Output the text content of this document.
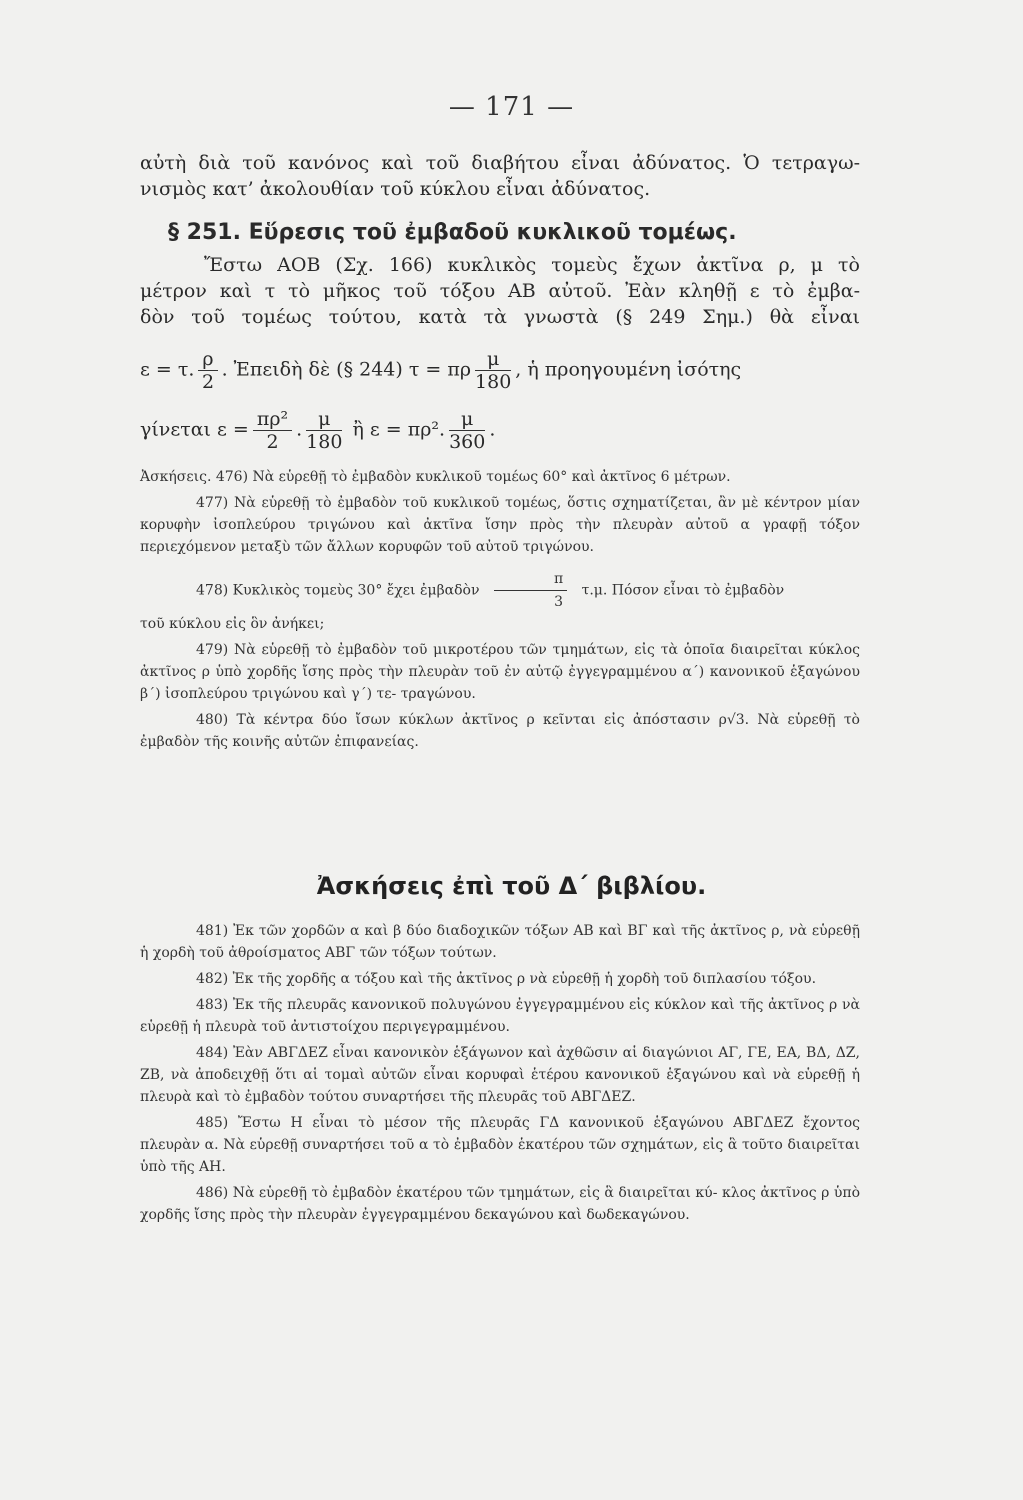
— 171 —
αὐτὴ διὰ τοῦ κανόνος καὶ τοῦ διαβήτου εἶναι ἀδύνατος. Ὁ τετραγω-
νισμὸς κατ’ ἀκολουθίαν τοῦ κύκλου εἶναι ἀδύνατος.
§ 251. Εὕρεσις τοῦ ἐμβαδοῦ κυκλικοῦ τομέως.
Ἔστω ΑΟΒ (Σχ. 166) κυκλικὸς τομεὺς ἔχων ἀκτῖνα ρ, μ τὸ
μέτρον καὶ τ τὸ μῆκος τοῦ τόξου ΑΒ αὐτοῦ. Ἐὰν κληθῇ ε τὸ ἐμβα-
δὸν τοῦ τομέως τούτου, κατὰ τὰ γνωστὰ (§ 249 Σημ.) θὰ εἶναι
ε = τ. $\frac{\rho}{2}$ . Ἐπειδὴ δὲ (§ 244) τ = πρ $\frac{\mu}{180}$ , ἡ προηγουμένη ἰσότης
γίνεται $\varepsilon = \frac{\text{πρ²}}{2}$ . $\frac{\mu}{180}$ ἢ ε = πρ². $\frac{\mu}{360}$ .
Ἀσκήσεις. 476) Νὰ εὑρεθῇ τὸ ἐμβαδὸν κυκλικοῦ τομέως 60° καὶ ἀκτῖνος 6 μέτρων.
477) Νὰ εὑρεθῇ τὸ ἐμβαδὸν τοῦ κυκλικοῦ τομέως, ὅστις σχηματίζεται, ἂν μὲ κέντρον μίαν κορυφὴν ἰσοπλεύρου τριγώνου καὶ ἀκτῖνα ἴσην πρὸς τὴν πλευρὰν αὐτοῦ α γραφῇ τόξον περιεχόμενον μεταξὺ τῶν ἄλλων κορυφῶν τοῦ αὐτοῦ τριγώνου.
478) Κυκλικὸς τομεὺς 30° ἔχει ἐμβαδὸν $\frac{\pi}{3} \tau.\mu$. Πόσον εἶναι τὸ ἐμβαδὸν
τοῦ κύκλου εἰς ὃν ἀνήκει;
479) Νὰ εὑρεθῇ τὸ ἐμβαδὸν τοῦ μικροτέρου τῶν τμημάτων, εἰς τὰ ὁποῖα διαιρεῖται κύκλος ἀκτῖνος ρ ὑπὸ χορδῆς ἴσης πρὸς τὴν πλευρὰν τοῦ ἐν αὐτῷ ἐγγεγραμμένου α΄) κανονικοῦ ἑξαγώνου β΄) ἰσοπλεύρου τριγώνου καὶ γ΄) τε- τραγώνου.
480) Τὰ κέντρα δύο ἴσων κύκλων ἀκτῖνος ρ κεῖνται εἰς ἀπόστασιν ρ√3. Νὰ εὑρεθῇ τὸ ἐμβαδὸν τῆς κοινῆς αὐτῶν ἐπιφανείας.
Ἀσκήσεις ἐπὶ τοῦ Δ΄ βιβλίου.
481) Ἐκ τῶν χορδῶν α καὶ β δύο διαδοχικῶν τόξων ΑΒ καὶ ΒΓ καὶ τῆς ἀκτῖνος ρ, νὰ εὑρεθῇ ἡ χορδὴ τοῦ ἀθροίσματος ΑΒΓ τῶν τόξων τούτων.
482) Ἐκ τῆς χορδῆς α τόξου καὶ τῆς ἀκτῖνος ρ νὰ εὑρεθῇ ἡ χορδὴ τοῦ διπλασίου τόξου.
483) Ἐκ τῆς πλευρᾶς κανονικοῦ πολυγώνου ἐγγεγραμμένου εἰς κύκλον καὶ τῆς ἀκτῖνος ρ νὰ εὑρεθῇ ἡ πλευρὰ τοῦ ἀντιστοίχου περιγεγραμμένου.
484) Ἐὰν ΑΒΓΔΕΖ εἶναι κανονικὸν ἑξάγωνον καὶ ἀχθῶσιν αἱ διαγώνιοι ΑΓ, ΓΕ, ΕΑ, ΒΔ, ΔΖ, ΖΒ, νὰ ἀποδειχθῇ ὅτι αἱ τομαὶ αὐτῶν εἶναι κορυφαὶ ἑτέρου κανονικοῦ ἑξαγώνου καὶ νὰ εὑρεθῇ ἡ πλευρὰ καὶ τὸ ἐμβαδὸν τούτου συναρτήσει τῆς πλευρᾶς τοῦ ΑΒΓΔΕΖ.
485) Ἔστω Η εἶναι τὸ μέσον τῆς πλευρᾶς ΓΔ κανονικοῦ ἑξαγώνου ΑΒΓΔΕΖ ἔχοντος πλευρὰν α. Νὰ εὑρεθῇ συναρτήσει τοῦ α τὸ ἐμβαδὸν ἑκατέρου τῶν σχημάτων, εἰς ἃ τοῦτο διαιρεῖται ὑπὸ τῆς ΑΗ.
486) Νὰ εὑρεθῇ τὸ ἐμβαδὸν ἑκατέρου τῶν τμημάτων, εἰς ἃ διαιρεῖται κύ- κλος ἀκτῖνος ρ ὑπὸ χορδῆς ἴσης πρὸς τὴν πλευρὰν ἐγγεγραμμένου δεκαγώνου καὶ δωδεκαγώνου.
